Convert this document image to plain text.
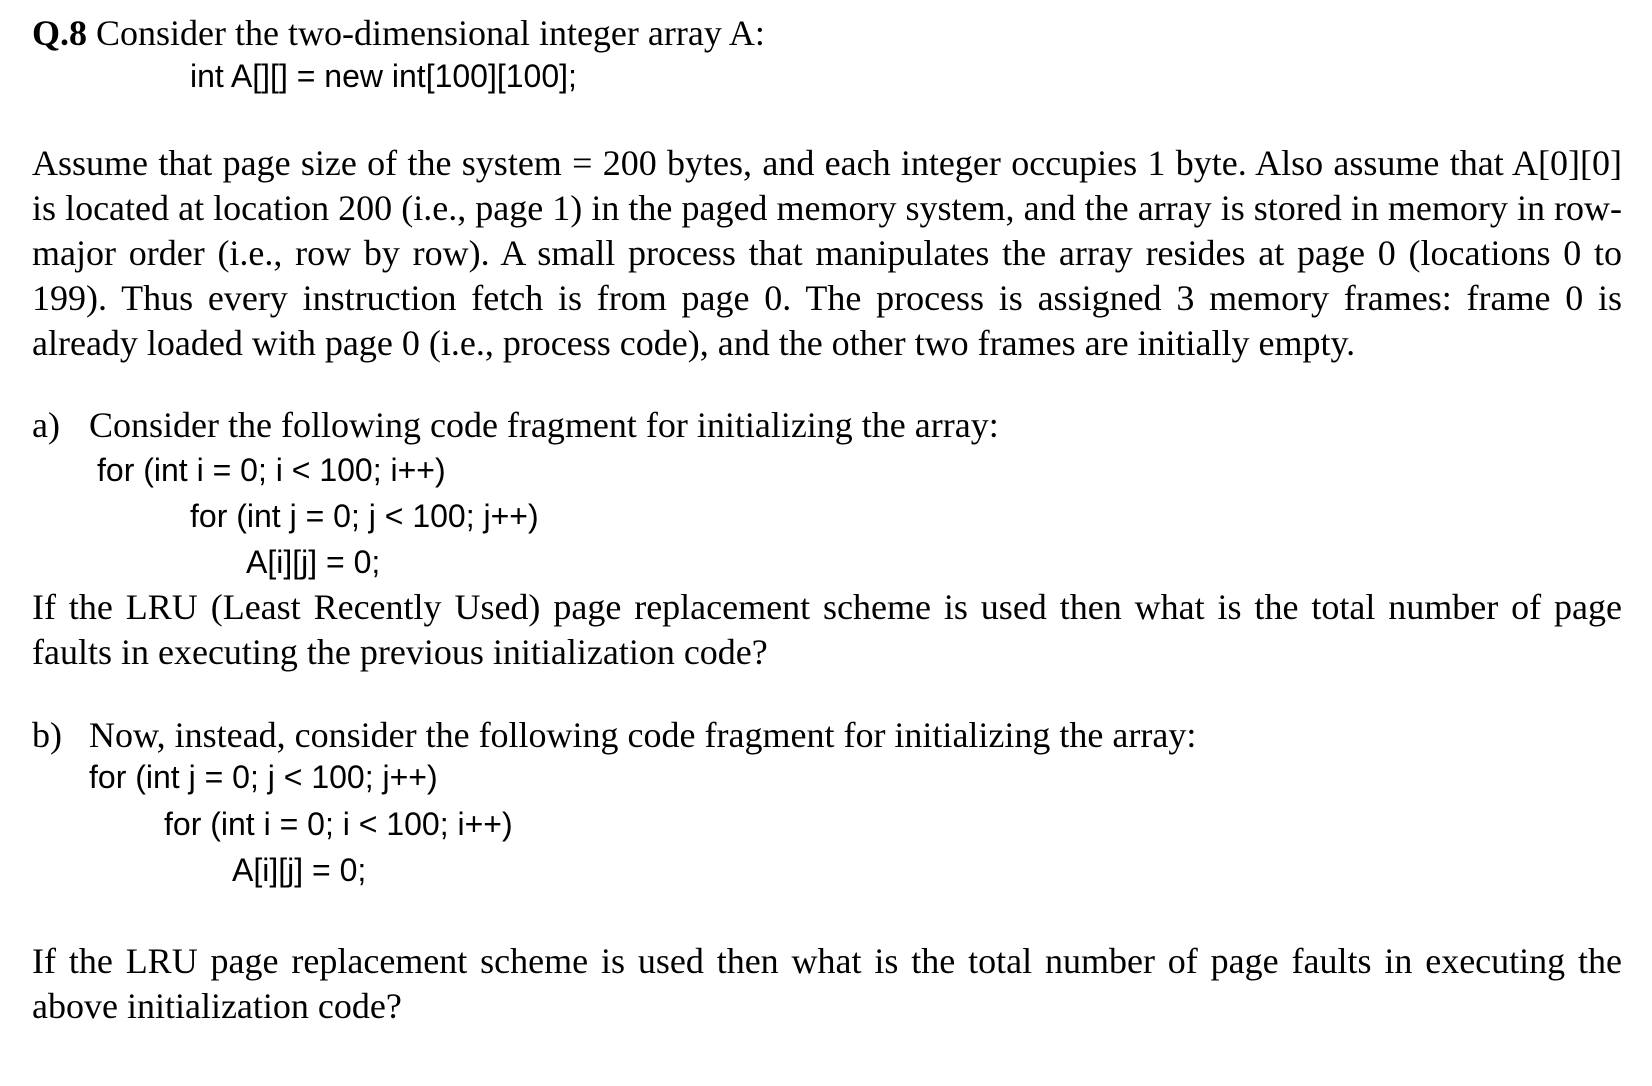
Q.8 Consider the two-dimensional integer array A:
int A[][] = new int[100][100];
Assume that page size of the system = 200 bytes, and each integer occupies 1 byte. Also assume that A[0][0] is located at location 200 (i.e., page 1) in the paged memory system, and the array is stored in memory in row-major order (i.e., row by row). A small process that manipulates the array resides at page 0 (locations 0 to 199). Thus every instruction fetch is from page 0. The process is assigned 3 memory frames: frame 0 is already loaded with page 0 (i.e., process code), and the other two frames are initially empty.
a) Consider the following code fragment for initializing the array:
for (int i = 0; i < 100; i++)
for (int j = 0; j < 100; j++)
A[i][j] = 0;
If the LRU (Least Recently Used) page replacement scheme is used then what is the total number of page faults in executing the previous initialization code?
b) Now, instead, consider the following code fragment for initializing the array:
for (int j = 0; j < 100; j++)
for (int i = 0; i < 100; i++)
A[i][j] = 0;
If the LRU page replacement scheme is used then what is the total number of page faults in executing the above initialization code?
